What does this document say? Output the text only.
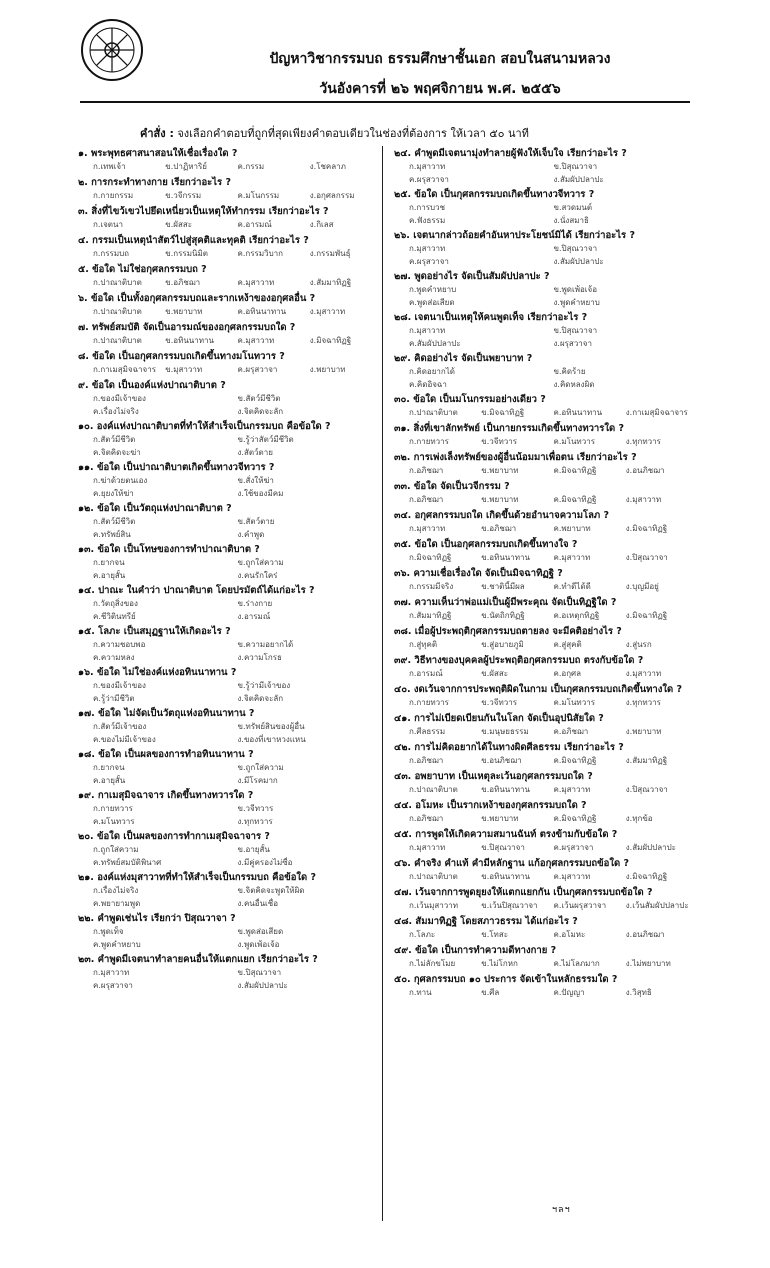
ปัญหาวิชากรรมบถ ธรรมศึกษาชั้นเอก สอบในสนามหลวง
วันอังคารที่ ๒๖ พฤศจิกายน พ.ศ. ๒๕๕๖
คำสั่ง : จงเลือกคำตอบที่ถูกที่สุดเพียงคำตอบเดียวในช่องที่ต้องการ ให้เวลา ๕๐ นาที
๑. พระพุทธศาสนาสอนให้เชื่อเรื่องใด ?
ก.เทพเจ้า	ข.ปาฏิหาริย์	ค.กรรม	ง.โชคลาภ
๒. การกระทำทางกาย เรียกว่าอะไร ?
ก.กายกรรม	ข.วจีกรรม	ค.มโนกรรม	ง.อกุศลกรรม
๓. สิ่งที่ไขว้เขวไปยึดเหนี่ยวเป็นเหตุให้ทำกรรม เรียกว่าอะไร ?
ก.เจตนา	ข.ผัสสะ	ค.อารมณ์	ง.กิเลส
๔. กรรมเป็นเหตุนำสัตว์ไปสู่สุคติและทุคติ เรียกว่าอะไร ?
ก.กรรมบถ	ข.กรรมนิมิต	ค.กรรมวิบาก	ง.กรรมพันธุ์
๕. ข้อใด ไม่ใช่อกุศลกรรมบถ ?
ก.ปาณาติบาต	ข.อภิชฌา	ค.มุสาวาท	ง.สัมมาทิฏฐิ
๖. ข้อใด เป็นทั้งอกุศลกรรมบถและรากเหง้าของอกุศลอื่น ?
ก.ปาณาติบาต	ข.พยาบาท	ค.อทินนาทาน	ง.มุสาวาท
๗. ทรัพย์สมบัติ จัดเป็นอารมณ์ของอกุศลกรรมบถใด ?
ก.ปาณาติบาต	ข.อทินนาทาน	ค.มุสาวาท	ง.มิจฉาทิฏฐิ
๘. ข้อใด เป็นอกุศลกรรมบถเกิดขึ้นทางมโนทวาร ?
ก.กาเมสุมิจฉาจาร	ข.มุสาวาท	ค.ผรุสวาจา	ง.พยาบาท
๙. ข้อใด เป็นองค์แห่งปาณาติบาต ?
ก.ของมีเจ้าของ	ข.สัตว์มีชีวิต
ค.เรื่องไม่จริง	ง.จิตคิดจะลัก
๑๐. องค์แห่งปาณาติบาตที่ทำให้สำเร็จเป็นกรรมบถ คือข้อใด ?
ก.สัตว์มีชีวิต	ข.รู้ว่าสัตว์มีชีวิต
ค.จิตคิดจะฆ่า	ง.สัตว์ตาย
๑๑. ข้อใด เป็นปาณาติบาตเกิดขึ้นทางวจีทวาร ?
ก.ฆ่าด้วยตนเอง	ข.สั่งให้ฆ่า
ค.ยุยงให้ฆ่า	ง.ใช้ของมีคม
๑๒. ข้อใด เป็นวัตถุแห่งปาณาติบาต ?
ก.สัตว์มีชีวิต	ข.สัตว์ตาย
ค.ทรัพย์สิน	ง.คำพูด
๑๓. ข้อใด เป็นโทษของการทำปาณาติบาต ?
ก.ยากจน	ข.ถูกใส่ความ
ค.อายุสั้น	ง.คนรักใคร่
๑๔. ปาณะ ในคำว่า ปาณาติบาต โดยปรมัตถ์ได้แก่อะไร ?
ก.วัตถุสิ่งของ	ข.ร่างกาย
ค.ชีวิตินทรีย์	ง.อารมณ์
๑๕. โลภะ เป็นสมุฏฐานให้เกิดอะไร ?
ก.ความชอบพอ	ข.ความอยากได้
ค.ความหลง	ง.ความโกรธ
๑๖. ข้อใด ไม่ใช่องค์แห่งอทินนาทาน ?
ก.ของมีเจ้าของ	ข.รู้ว่ามีเจ้าของ
ค.รู้ว่ามีชีวิต	ง.จิตคิดจะลัก
๑๗. ข้อใด ไม่จัดเป็นวัตถุแห่งอทินนาทาน ?
ก.สัตว์มีเจ้าของ	ข.ทรัพย์สินของผู้อื่น
ค.ของไม่มีเจ้าของ	ง.ของที่เขาหวงแหน
๑๘. ข้อใด เป็นผลของการทำอทินนาทาน ?
ก.ยากจน	ข.ถูกใส่ความ
ค.อายุสั้น	ง.มีโรคมาก
๑๙. กาเมสุมิจฉาจาร เกิดขึ้นทางทวารใด ?
ก.กายทวาร	ข.วจีทวาร
ค.มโนทวาร	ง.ทุกทวาร
๒๐. ข้อใด เป็นผลของการทำกาเมสุมิจฉาจาร ?
ก.ถูกใส่ความ	ข.อายุสั้น
ค.ทรัพย์สมบัติพินาศ	ง.มีคู่ครองไม่ซื่อ
๒๑. องค์แห่งมุสาวาทที่ทำให้สำเร็จเป็นกรรมบถ คือข้อใด ?
ก.เรื่องไม่จริง	ข.จิตคิดจะพูดให้ผิด
ค.พยายามพูด	ง.คนอื่นเชื่อ
๒๒. คำพูดเช่นไร เรียกว่า ปิสุณวาจา ?
ก.พูดเท็จ	ข.พูดส่อเสียด
ค.พูดคำหยาบ	ง.พูดเพ้อเจ้อ
๒๓. คำพูดมีเจตนาทำลายคนอื่นให้แตกแยก เรียกว่าอะไร ?
ก.มุสาวาท	ข.ปิสุณวาจา
ค.ผรุสวาจา	ง.สัมผัปปลาปะ
๒๔. คำพูดมีเจตนามุ่งทำลายผู้ฟังให้เจ็บใจ เรียกว่าอะไร ?
ก.มุสาวาท	ข.ปิสุณวาจา
ค.ผรุสวาจา	ง.สัมผัปปลาปะ
๒๕. ข้อใด เป็นกุศลกรรมบถเกิดขึ้นทางวจีทวาร ?
ก.การบวช	ข.สวดมนต์
ค.ฟังธรรม	ง.นั่งสมาธิ
๒๖. เจตนากล่าวถ้อยคำอันหาประโยชน์มิได้ เรียกว่าอะไร ?
ก.มุสาวาท	ข.ปิสุณวาจา
ค.ผรุสวาจา	ง.สัมผัปปลาปะ
๒๗. พูดอย่างไร จัดเป็นสัมผัปปลาปะ ?
ก.พูดคำหยาบ	ข.พูดเพ้อเจ้อ
ค.พูดส่อเสียด	ง.พูดคำหยาบ
๒๘. เจตนาเป็นเหตุให้คนพูดเท็จ เรียกว่าอะไร ?
ก.มุสาวาท	ข.ปิสุณวาจา
ค.สัมผัปปลาปะ	ง.ผรุสวาจา
๒๙. คิดอย่างไร จัดเป็นพยาบาท ?
ก.คิดอยากได้	ข.คิดร้าย
ค.คิดอิจฉา	ง.คิดหลงผิด
๓๐. ข้อใด เป็นมโนกรรมอย่างเดียว ?
ก.ปาณาติบาต	ข.มิจฉาทิฏฐิ	ค.อทินนาทาน	ง.กาเมสุมิจฉาจาร
๓๑. สิ่งที่เขาลักทรัพย์ เป็นกายกรรมเกิดขึ้นทางทวารใด ?
ก.กายทวาร	ข.วจีทวาร	ค.มโนทวาร	ง.ทุกทวาร
๓๒. การเพ่งเล็งทรัพย์ของผู้อื่นน้อมมาเพื่อตน เรียกว่าอะไร ?
ก.อภิชฌา	ข.พยาบาท	ค.มิจฉาทิฏฐิ	ง.อนภิชฌา
๓๓. ข้อใด จัดเป็นวจีกรรม ?
ก.อภิชฌา	ข.พยาบาท	ค.มิจฉาทิฏฐิ	ง.มุสาวาท
๓๔. อกุศลกรรมบถใด เกิดขึ้นด้วยอำนาจความโลภ ?
ก.มุสาวาท	ข.อภิชฌา	ค.พยาบาท	ง.มิจฉาทิฏฐิ
๓๕. ข้อใด เป็นอกุศลกรรมบถเกิดขึ้นทางใจ ?
ก.มิจฉาทิฏฐิ	ข.อทินนาทาน	ค.มุสาวาท	ง.ปิสุณวาจา
๓๖. ความเชื่อเรื่องใด จัดเป็นมิจฉาทิฏฐิ ?
ก.กรรมมีจริง	ข.ชาตินี้มีผล	ค.ทำดีได้ดี	ง.บุญมีอยู่
๓๗. ความเห็นว่าพ่อแม่เป็นผู้มีพระคุณ จัดเป็นทิฏฐิใด ?
ก.สัมมาทิฏฐิ	ข.นัตถิกทิฏฐิ	ค.อเหตุกทิฏฐิ	ง.มิจฉาทิฏฐิ
๓๘. เมื่อผู้ประพฤติกุศลกรรมบถตายลง จะมีคติอย่างไร ?
ก.สู่ทุคติ	ข.สู่อบายภูมิ	ค.สู่สุคติ	ง.สู่นรก
๓๙. วิธีทางของบุคคลผู้ประพฤติอกุศลกรรมบถ ตรงกับข้อใด ?
ก.อารมณ์	ข.ผัสสะ	ค.อกุศล	ง.มุสาวาท
๔๐. งดเว้นจากการประพฤติผิดในกาม เป็นกุศลกรรมบถเกิดขึ้นทางใด ?
ก.กายทวาร	ข.วจีทวาร	ค.มโนทวาร	ง.ทุกทวาร
๔๑. การไม่เบียดเบียนกันในโลก จัดเป็นอุปนิสัยใด ?
ก.ศีลธรรม	ข.มนุษยธรรม	ค.อภิชฌา	ง.พยาบาท
๔๒. การไม่คิดอยากได้ในทางผิดศีลธรรม เรียกว่าอะไร ?
ก.อภิชฌา	ข.อนภิชฌา	ค.มิจฉาทิฏฐิ	ง.สัมมาทิฏฐิ
๔๓. อพยาบาท เป็นเหตุละเว้นอกุศลกรรมบถใด ?
ก.ปาณาติบาต	ข.อทินนาทาน	ค.มุสาวาท	ง.ปิสุณวาจา
๔๔. อโมหะ เป็นรากเหง้าของกุศลกรรมบถใด ?
ก.อภิชฌา	ข.พยาบาท	ค.มิจฉาทิฏฐิ	ง.ทุกข้อ
๔๕. การพูดให้เกิดความสมานฉันท์ ตรงข้ามกับข้อใด ?
ก.มุสาวาท	ข.ปิสุณวาจา	ค.ผรุสวาจา	ง.สัมผัปปลาปะ
๔๖. คำจริง คำแท้ คำมีหลักฐาน แก้อกุศลกรรมบถข้อใด ?
ก.ปาณาติบาต	ข.อทินนาทาน	ค.มุสาวาท	ง.มิจฉาทิฏฐิ
๔๗. เว้นจากการพูดยุยงให้แตกแยกกัน เป็นกุศลกรรมบถข้อใด ?
ก.เว้นมุสาวาท	ข.เว้นปิสุณวาจา	ค.เว้นผรุสวาจา	ง.เว้นสัมผัปปลาปะ
๔๘. สัมมาทิฏฐิ โดยสภาวธรรม ได้แก่อะไร ?
ก.โลภะ	ข.โทสะ	ค.อโมหะ	ง.อนภิชฌา
๔๙. ข้อใด เป็นการทำความดีทางกาย ?
ก.ไม่ลักขโมย	ข.ไม่โกหก	ค.ไม่โลภมาก	ง.ไม่พยาบาท
๕๐. กุศลกรรมบถ ๑๐ ประการ จัดเข้าในหลักธรรมใด ?
ก.ทาน	ข.ศีล	ค.ปัญญา	ง.วิสุทธิ
ฯลฯ
